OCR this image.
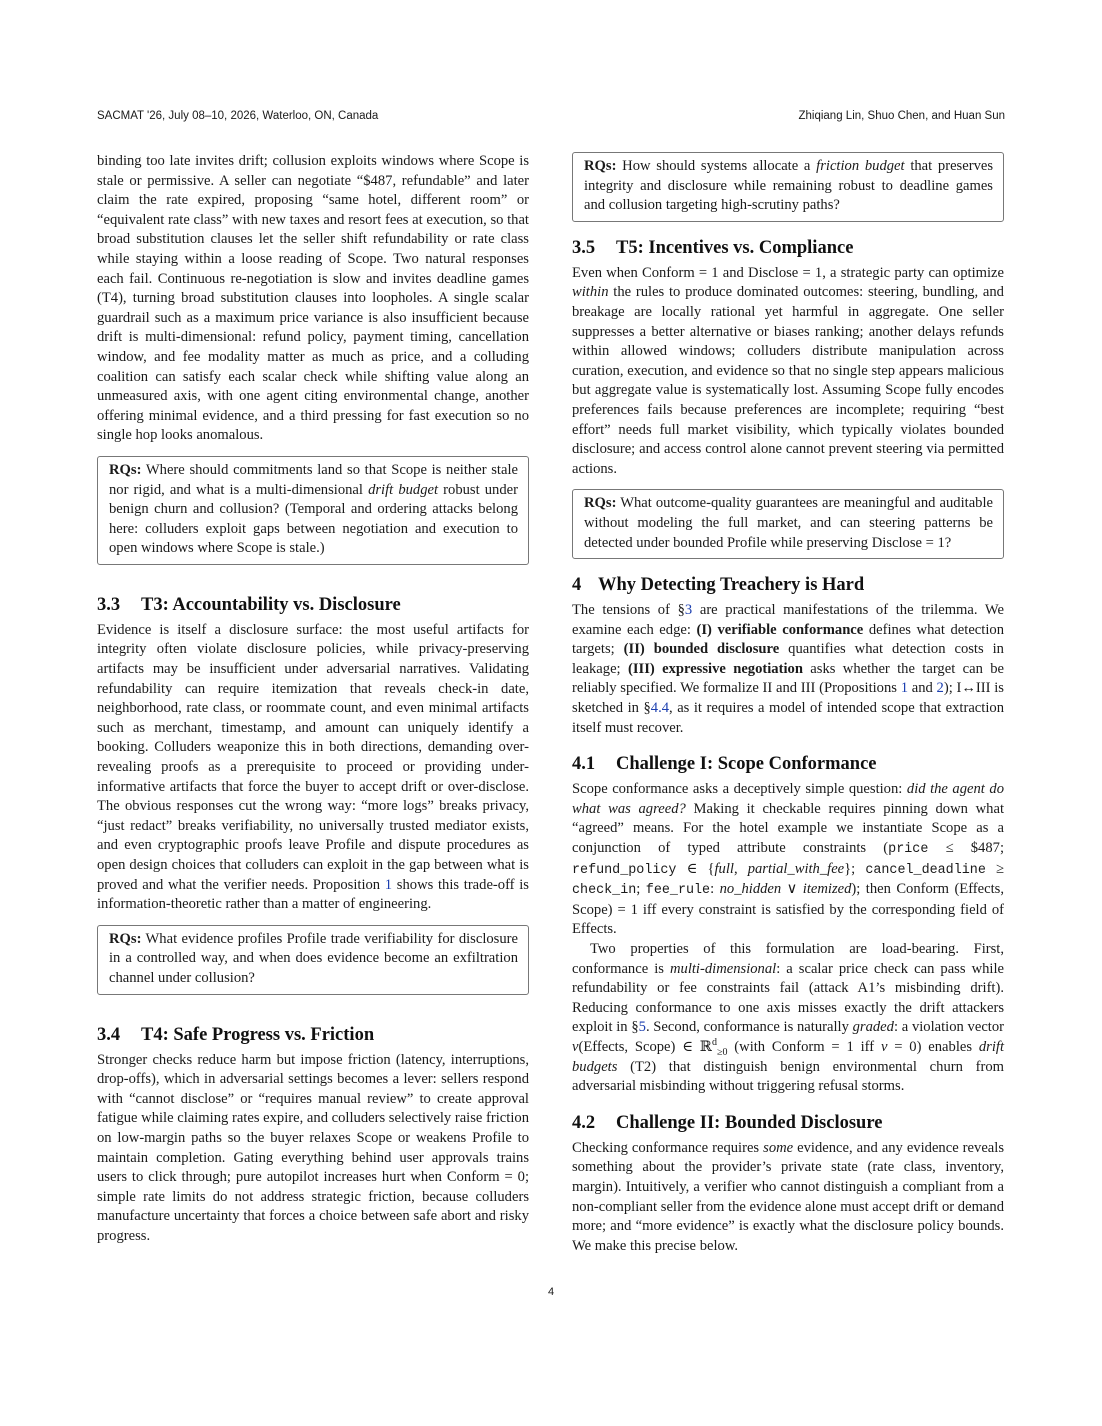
SACMAT '26, July 08–10, 2026, Waterloo, ON, Canada	Zhiqiang Lin, Shuo Chen, and Huan Sun

binding too late invites drift; collusion exploits windows where Scope is stale or permissive. A seller can negotiate “$487, refundable” and later claim the rate expired, proposing “same hotel, different room” or “equivalent rate class” with new taxes and resort fees at execution, so that broad substitution clauses let the seller shift refundability or rate class while staying within a loose reading of Scope. Two natural responses each fail. Continuous re-negotiation is slow and invites deadline games (T4), turning broad substitution clauses into loopholes. A single scalar guardrail such as a maximum price variance is also insufficient because drift is multi-dimensional: refund policy, payment timing, cancellation window, and fee modality matter as much as price, and a colluding coalition can satisfy each scalar check while shifting value along an unmeasured axis, with one agent citing environmental change, another offering minimal evidence, and a third pressing for fast execution so no single hop looks anomalous.

RQs: Where should commitments land so that Scope is neither stale nor rigid, and what is a multi-dimensional drift budget robust under benign churn and collusion? (Temporal and ordering attacks belong here: colluders exploit gaps between negotiation and execution to open windows where Scope is stale.)

3.3 T3: Accountability vs. Disclosure

Evidence is itself a disclosure surface: the most useful artifacts for integrity often violate disclosure policies, while privacy-preserving artifacts may be insufficient under adversarial narratives. Validating refundability can require itemization that reveals check-in date, neighborhood, rate class, or roommate count, and even minimal artifacts such as merchant, timestamp, and amount can uniquely identify a booking. Colluders weaponize this in both directions, demanding over-revealing proofs as a prerequisite to proceed or providing under-informative artifacts that force the buyer to accept drift or over-disclose. The obvious responses cut the wrong way: “more logs” breaks privacy, “just redact” breaks verifiability, no universally trusted mediator exists, and even cryptographic proofs leave Profile and dispute procedures as open design choices that colluders can exploit in the gap between what is proved and what the verifier needs. Proposition 1 shows this trade-off is information-theoretic rather than a matter of engineering.

RQs: What evidence profiles Profile trade verifiability for disclosure in a controlled way, and when does evidence become an exfiltration channel under collusion?

3.4 T4: Safe Progress vs. Friction

Stronger checks reduce harm but impose friction (latency, interruptions, drop-offs), which in adversarial settings becomes a lever: sellers respond with “cannot disclose” or “requires manual review” to create approval fatigue while claiming rates expire, and colluders selectively raise friction on low-margin paths so the buyer relaxes Scope or weakens Profile to maintain completion. Gating everything behind user approvals trains users to click through; pure autopilot increases hurt when Conform = 0; simple rate limits do not address strategic friction, because colluders manufacture uncertainty that forces a choice between safe abort and risky progress.

RQs: How should systems allocate a friction budget that preserves integrity and disclosure while remaining robust to deadline games and collusion targeting high-scrutiny paths?

3.5 T5: Incentives vs. Compliance

Even when Conform = 1 and Disclose = 1, a strategic party can optimize within the rules to produce dominated outcomes: steering, bundling, and breakage are locally rational yet harmful in aggregate. One seller suppresses a better alternative or biases ranking; another delays refunds within allowed windows; colluders distribute manipulation across curation, execution, and evidence so that no single step appears malicious but aggregate value is systematically lost. Assuming Scope fully encodes preferences fails because preferences are incomplete; requiring “best effort” needs full market visibility, which typically violates bounded disclosure; and access control alone cannot prevent steering via permitted actions.

RQs: What outcome-quality guarantees are meaningful and auditable without modeling the full market, and can steering patterns be detected under bounded Profile while preserving Disclose = 1?

4 Why Detecting Treachery is Hard

The tensions of §3 are practical manifestations of the trilemma. We examine each edge: (I) verifiable conformance defines what detection targets; (II) bounded disclosure quantifies what detection costs in leakage; (III) expressive negotiation asks whether the target can be reliably specified. We formalize II and III (Propositions 1 and 2); I↔III is sketched in §4.4, as it requires a model of intended scope that extraction itself must recover.

4.1 Challenge I: Scope Conformance

Scope conformance asks a deceptively simple question: did the agent do what was agreed? Making it checkable requires pinning down what “agreed” means. For the hotel example we instantiate Scope as a conjunction of typed attribute constraints (price ≤ $487; refund_policy ∈ {full, partial_with_fee}; cancel_deadline ≥ check_in; fee_rule: no_hidden ∨ itemized); then Conform (Effects, Scope) = 1 iff every constraint is satisfied by the corresponding field of Effects.

Two properties of this formulation are load-bearing. First, conformance is multi-dimensional: a scalar price check can pass while refundability or fee constraints fail (attack A1’s misbinding drift). Reducing conformance to one axis misses exactly the drift attackers exploit in §5. Second, conformance is naturally graded: a violation vector v(Effects, Scope) ∈ ℝ$^d_{\ge 0}$ (with Conform = 1 iff v = 0) enables drift budgets (T2) that distinguish benign environmental churn from adversarial misbinding without triggering refusal storms.

4.2 Challenge II: Bounded Disclosure

Checking conformance requires some evidence, and any evidence reveals something about the provider’s private state (rate class, inventory, margin). Intuitively, a verifier who cannot distinguish a compliant from a non-compliant seller from the evidence alone must accept drift or demand more; and “more evidence” is exactly what the disclosure policy bounds. We make this precise below.

4
